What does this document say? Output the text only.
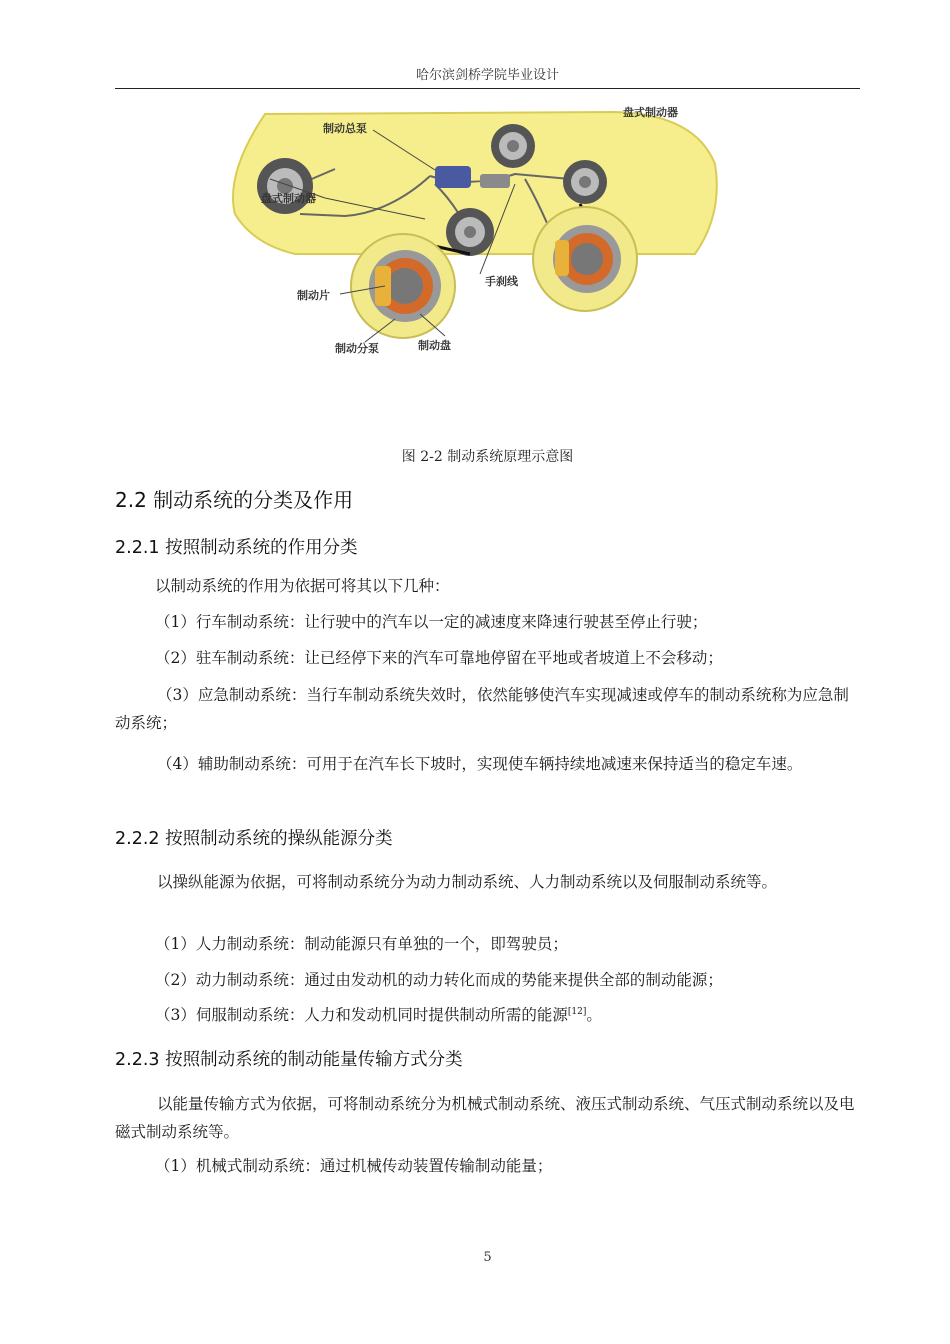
哈尔滨剑桥学院毕业设计
制动总泵
盘式制动器
盘式制动器
手刹线
制动片
制动分泵	制动盘
图 2-2 制动系统原理示意图
2.2 制动系统的分类及作用
2.2.1 按照制动系统的作用分类
以制动系统的作用为依据可将其以下几种：
（1）行车制动系统：让行驶中的汽车以一定的减速度来降速行驶甚至停止行驶；
（2）驻车制动系统：让已经停下来的汽车可靠地停留在平地或者坡道上不会移动；
（3）应急制动系统：当行车制动系统失效时，依然能够使汽车实现减速或停车的制动系统称为应急制动系统；
（4）辅助制动系统：可用于在汽车长下坡时，实现使车辆持续地减速来保持适当的稳定车速。
2.2.2 按照制动系统的操纵能源分类
以操纵能源为依据，可将制动系统分为动力制动系统、人力制动系统以及伺服制动系统等。
（1）人力制动系统：制动能源只有单独的一个，即驾驶员；
（2）动力制动系统：通过由发动机的动力转化而成的势能来提供全部的制动能源；
（3）伺服制动系统：人力和发动机同时提供制动所需的能源[12]。
2.2.3 按照制动系统的制动能量传输方式分类
以能量传输方式为依据，可将制动系统分为机械式制动系统、液压式制动系统、气压式制动系统以及电磁式制动系统等。
（1）机械式制动系统：通过机械传动装置传输制动能量；
5
